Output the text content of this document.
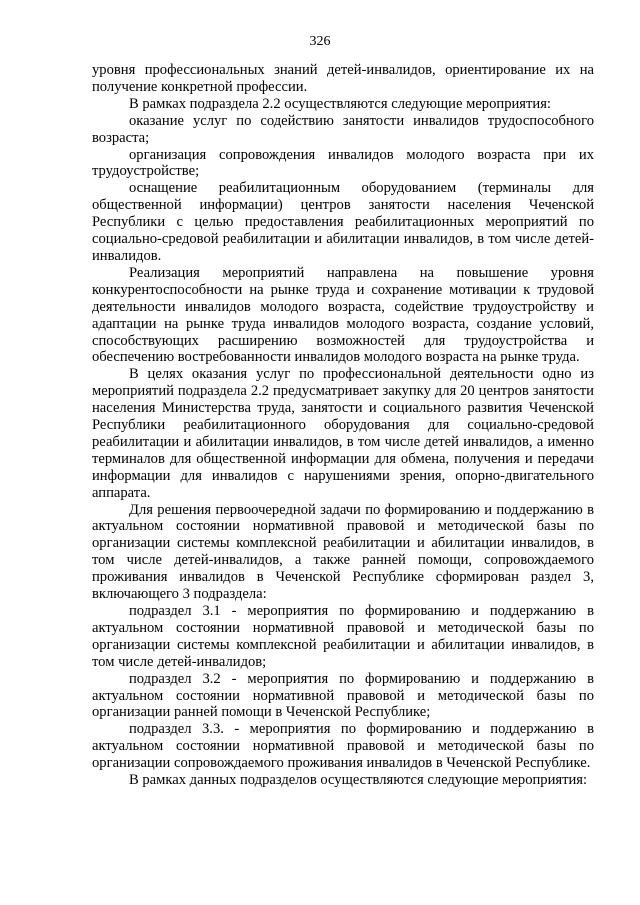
326

уровня профессиональных знаний детей-инвалидов, ориентирование их на получение конкретной профессии.

В рамках подраздела 2.2 осуществляются следующие мероприятия:

оказание услуг по содействию занятости инвалидов трудоспособного возраста;

организация сопровождения инвалидов молодого возраста при их трудоустройстве;

оснащение реабилитационным оборудованием (терминалы для общественной информации) центров занятости населения Чеченской Республики с целью предоставления реабилитационных мероприятий по социально-средовой реабилитации и абилитации инвалидов, в том числе детей-инвалидов.

Реализация мероприятий направлена на повышение уровня конкурентоспособности на рынке труда и сохранение мотивации к трудовой деятельности инвалидов молодого возраста, содействие трудоустройству и адаптации на рынке труда инвалидов молодого возраста, создание условий, способствующих расширению возможностей для трудоустройства и обеспечению востребованности инвалидов молодого возраста на рынке труда.

В целях оказания услуг по профессиональной деятельности одно из мероприятий подраздела 2.2 предусматривает закупку для 20 центров занятости населения Министерства труда, занятости и социального развития Чеченской Республики реабилитационного оборудования для социально-средовой реабилитации и абилитации инвалидов, в том числе детей инвалидов, а именно терминалов для общественной информации для обмена, получения и передачи информации для инвалидов с нарушениями зрения, опорно-двигательного аппарата.

Для решения первоочередной задачи по формированию и поддержанию в актуальном состоянии нормативной правовой и методической базы по организации системы комплексной реабилитации и абилитации инвалидов, в том числе детей-инвалидов, а также ранней помощи, сопровождаемого проживания инвалидов в Чеченской Республике сформирован раздел 3, включающего 3 подраздела:

подраздел 3.1 - мероприятия по формированию и поддержанию в актуальном состоянии нормативной правовой и методической базы по организации системы комплексной реабилитации и абилитации инвалидов, в том числе детей-инвалидов;

подраздел 3.2 - мероприятия по формированию и поддержанию в актуальном состоянии нормативной правовой и методической базы по организации ранней помощи в Чеченской Республике;

подраздел 3.3. - мероприятия по формированию и поддержанию в актуальном состоянии нормативной правовой и методической базы по организации сопровождаемого проживания инвалидов в Чеченской Республике.

В рамках данных подразделов осуществляются следующие мероприятия:
